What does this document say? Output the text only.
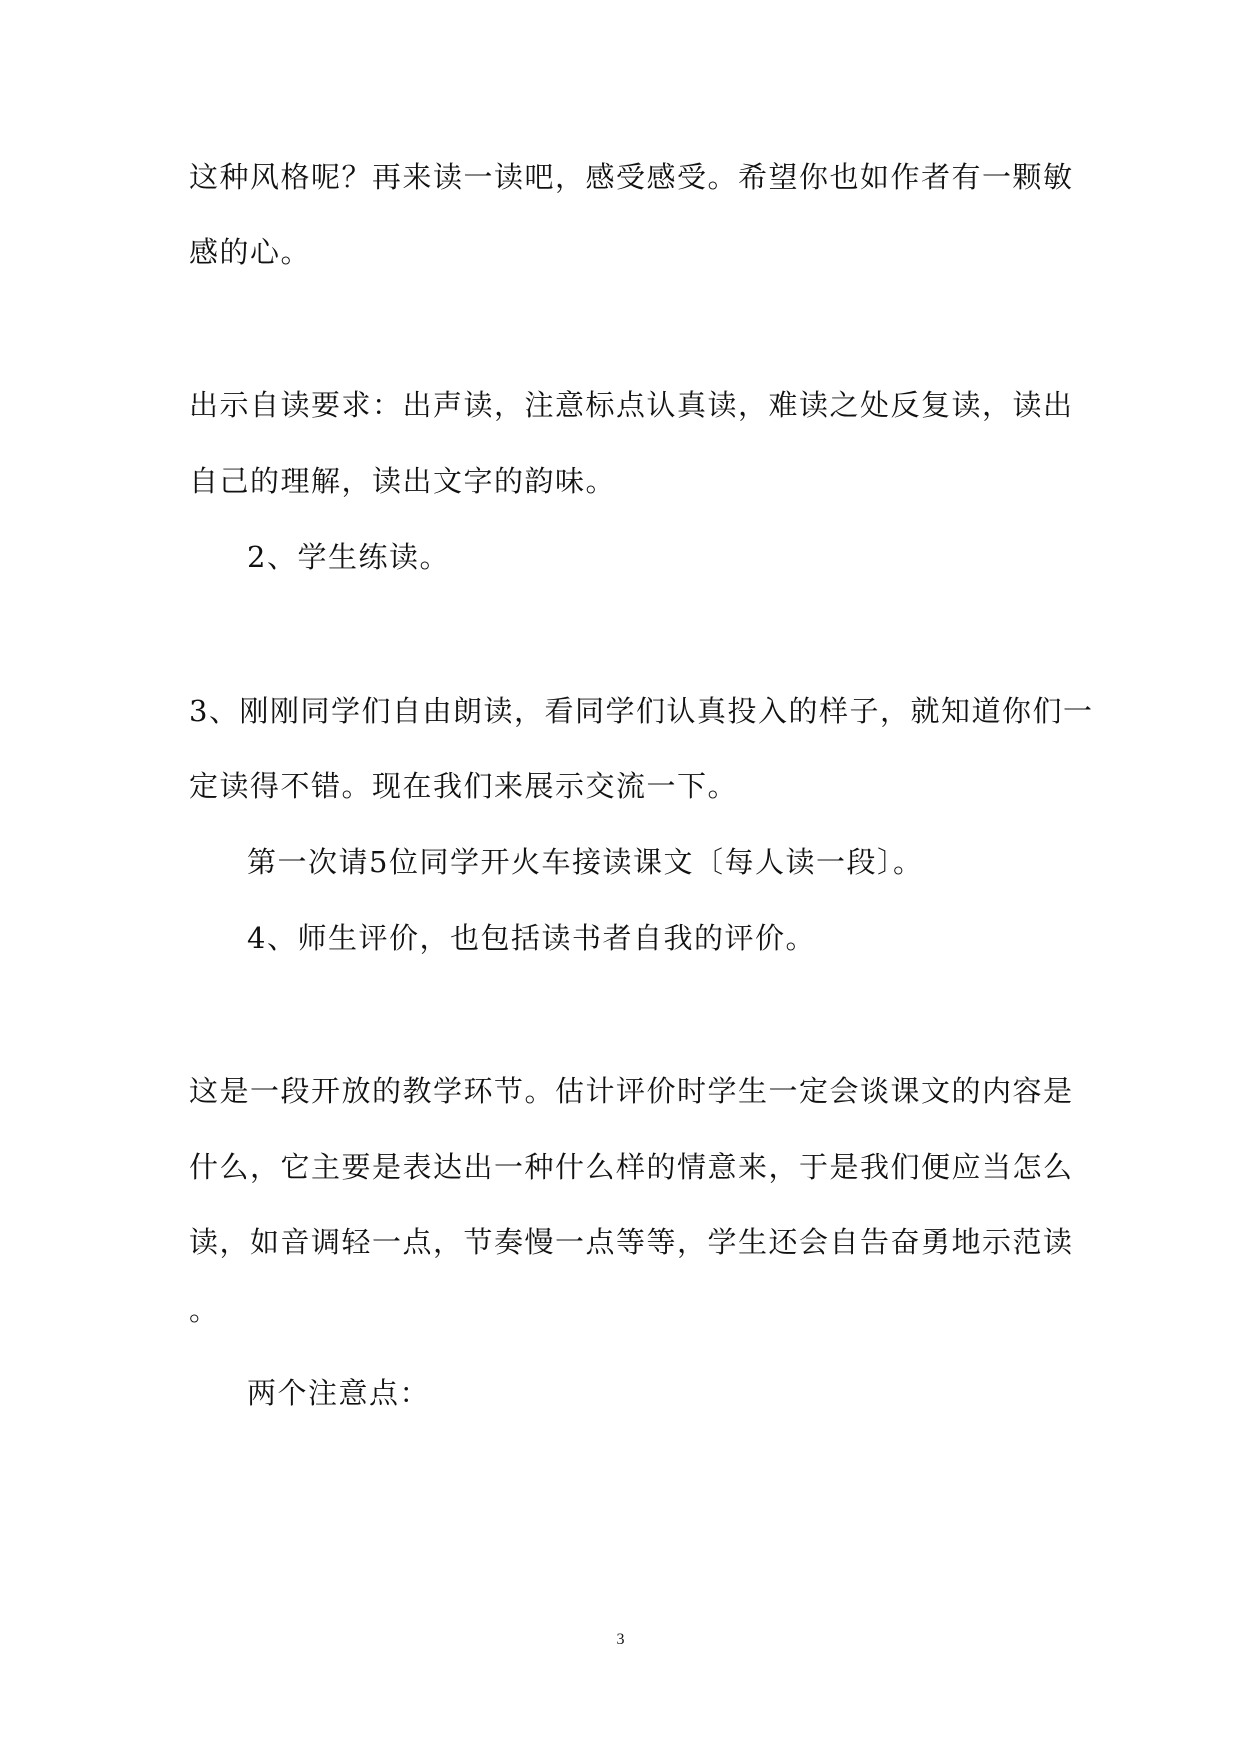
这种风格呢？再来读一读吧，感受感受。希望你也如作者有一颗敏
感的心。
出示自读要求：出声读，注意标点认真读，难读之处反复读，读出
自己的理解，读出文字的韵味。
2、学生练读。
3、刚刚同学们自由朗读，看同学们认真投入的样子，就知道你们一
定读得不错。现在我们来展示交流一下。
第一次请5位同学开火车接读课文〔每人读一段〕。
4、师生评价，也包括读书者自我的评价。
这是一段开放的教学环节。估计评价时学生一定会谈课文的内容是
什么，它主要是表达出一种什么样的情意来，于是我们便应当怎么
读，如音调轻一点，节奏慢一点等等，学生还会自告奋勇地示范读
。
两个注意点：
3
